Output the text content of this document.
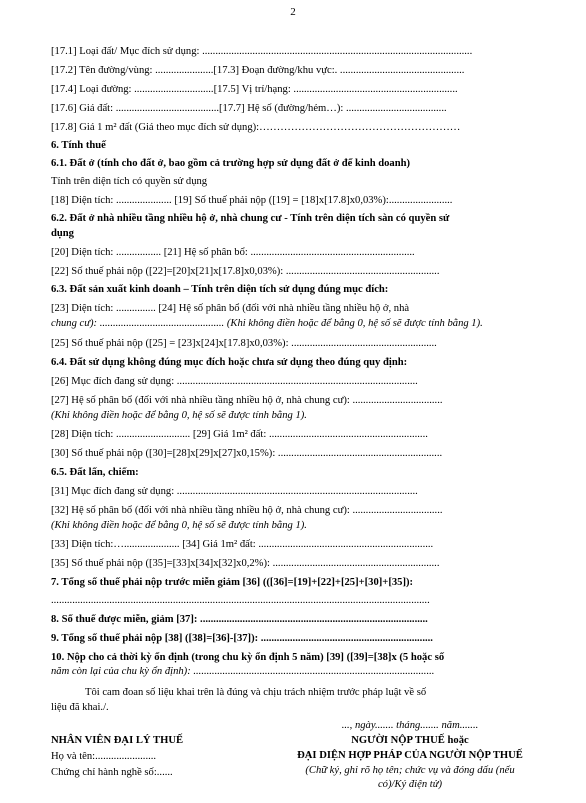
2
[17.1] Loại đất/ Mục đích sử dụng: ......................................................................................................
[17.2] Tên đường/vùng: ......................[17.3] Đoạn đường/khu vực:. ...............................................
[17.4] Loại đường: ..............................[17.5] Vị trí/hạng: ..............................................................
[17.6] Giá đất: .......................................[17.7] Hệ số (đường/hẻm…): ......................................
[17.8] Giá 1 m² đất (Giá theo mục đích sử dụng):…………………………………………………
6. Tính thuế
6.1. Đất ở (tính cho đất ở, bao gồm cả trường hợp sử dụng đất ở để kinh doanh)
Tính trên diện tích có quyền sử dụng
[18] Diện tích: ..................... [19] Số thuế phải nộp ([19] = [18]x[17.8]x0,03%):........................
6.2. Đất ở nhà nhiều tầng nhiều hộ ở, nhà chung cư - Tính trên diện tích sàn có quyền sử
dụng
[20] Diện tích: ................. [21] Hệ số phân bổ: ..............................................................
[22] Số thuế phải nộp ([22]=[20]x[21]x[17.8]x0,03%): ..........................................................
6.3. Đất sản xuất kinh doanh – Tính trên diện tích sử dụng đúng mục đích:
[23] Diện tích: ............... [24] Hệ số phân bổ (đối với nhà nhiều tầng nhiều hộ ở, nhà
chung cư): ............................................... (Khi không điền hoặc để bằng 0, hệ số sẽ được tính bằng 1).
[25] Số thuế phải nộp ([25] = [23]x[24]x[17.8]x0,03%): .......................................................
6.4. Đất sử dụng không đúng mục đích hoặc chưa sử dụng theo đúng quy định:
[26] Mục đích đang sử dụng: ...........................................................................................
[27] Hệ số phân bổ (đối với nhà nhiều tầng nhiều hộ ở, nhà chung cư): ..................................
(Khi không điền hoặc để bằng 0, hệ số sẽ được tính bằng 1).
[28] Diện tích: ............................ [29] Giá 1m² đất: ............................................................
[30] Số thuế phải nộp ([30]=[28]x[29]x[27]x0,15%): ..............................................................
6.5. Đất lấn, chiếm:
[31] Mục đích đang sử dụng: ...........................................................................................
[32] Hệ số phân bổ (đối với nhà nhiều tầng nhiều hộ ở, nhà chung cư): ..................................
(Khi không điền hoặc để bằng 0, hệ số sẽ được tính bằng 1).
[33] Diện tích:…..................... [34] Giá 1m² đất: ..................................................................
[35] Số thuế phải nộp ([35]=[33]x[34]x[32]x0,2%): ...............................................................
7. Tổng số thuế phải nộp trước miễn giảm [36] (([36]=[19]+[22]+[25]+[30]+[35]):
...............................................................................................................................................
8. Số thuế được miễn, giảm [37]: ......................................................................................
9. Tổng số thuế phải nộp [38] ([38]=[36]-[37]): .................................................................
10. Nộp cho cả thời kỳ ổn định (trong chu kỳ ổn định 5 năm) [39] ([39]=[38]x (5 hoặc số
năm còn lại của chu kỳ ổn định): ...........................................................................................
Tôi cam đoan số liệu khai trên là đúng và chịu trách nhiệm trước pháp luật về số
liệu đã khai./.
NHÂN VIÊN ĐẠI LÝ THUẾ
Họ và tên:.......................
Chứng chỉ hành nghề số:......
..., ngày....... tháng....... năm.......
NGƯỜI NỘP THUẾ hoặc
ĐẠI DIỆN HỢP PHÁP CỦA NGƯỜI NỘP THUẾ
(Chữ ký, ghi rõ họ tên; chức vụ và đóng dấu (nếu
có)/Ký điện tử)
